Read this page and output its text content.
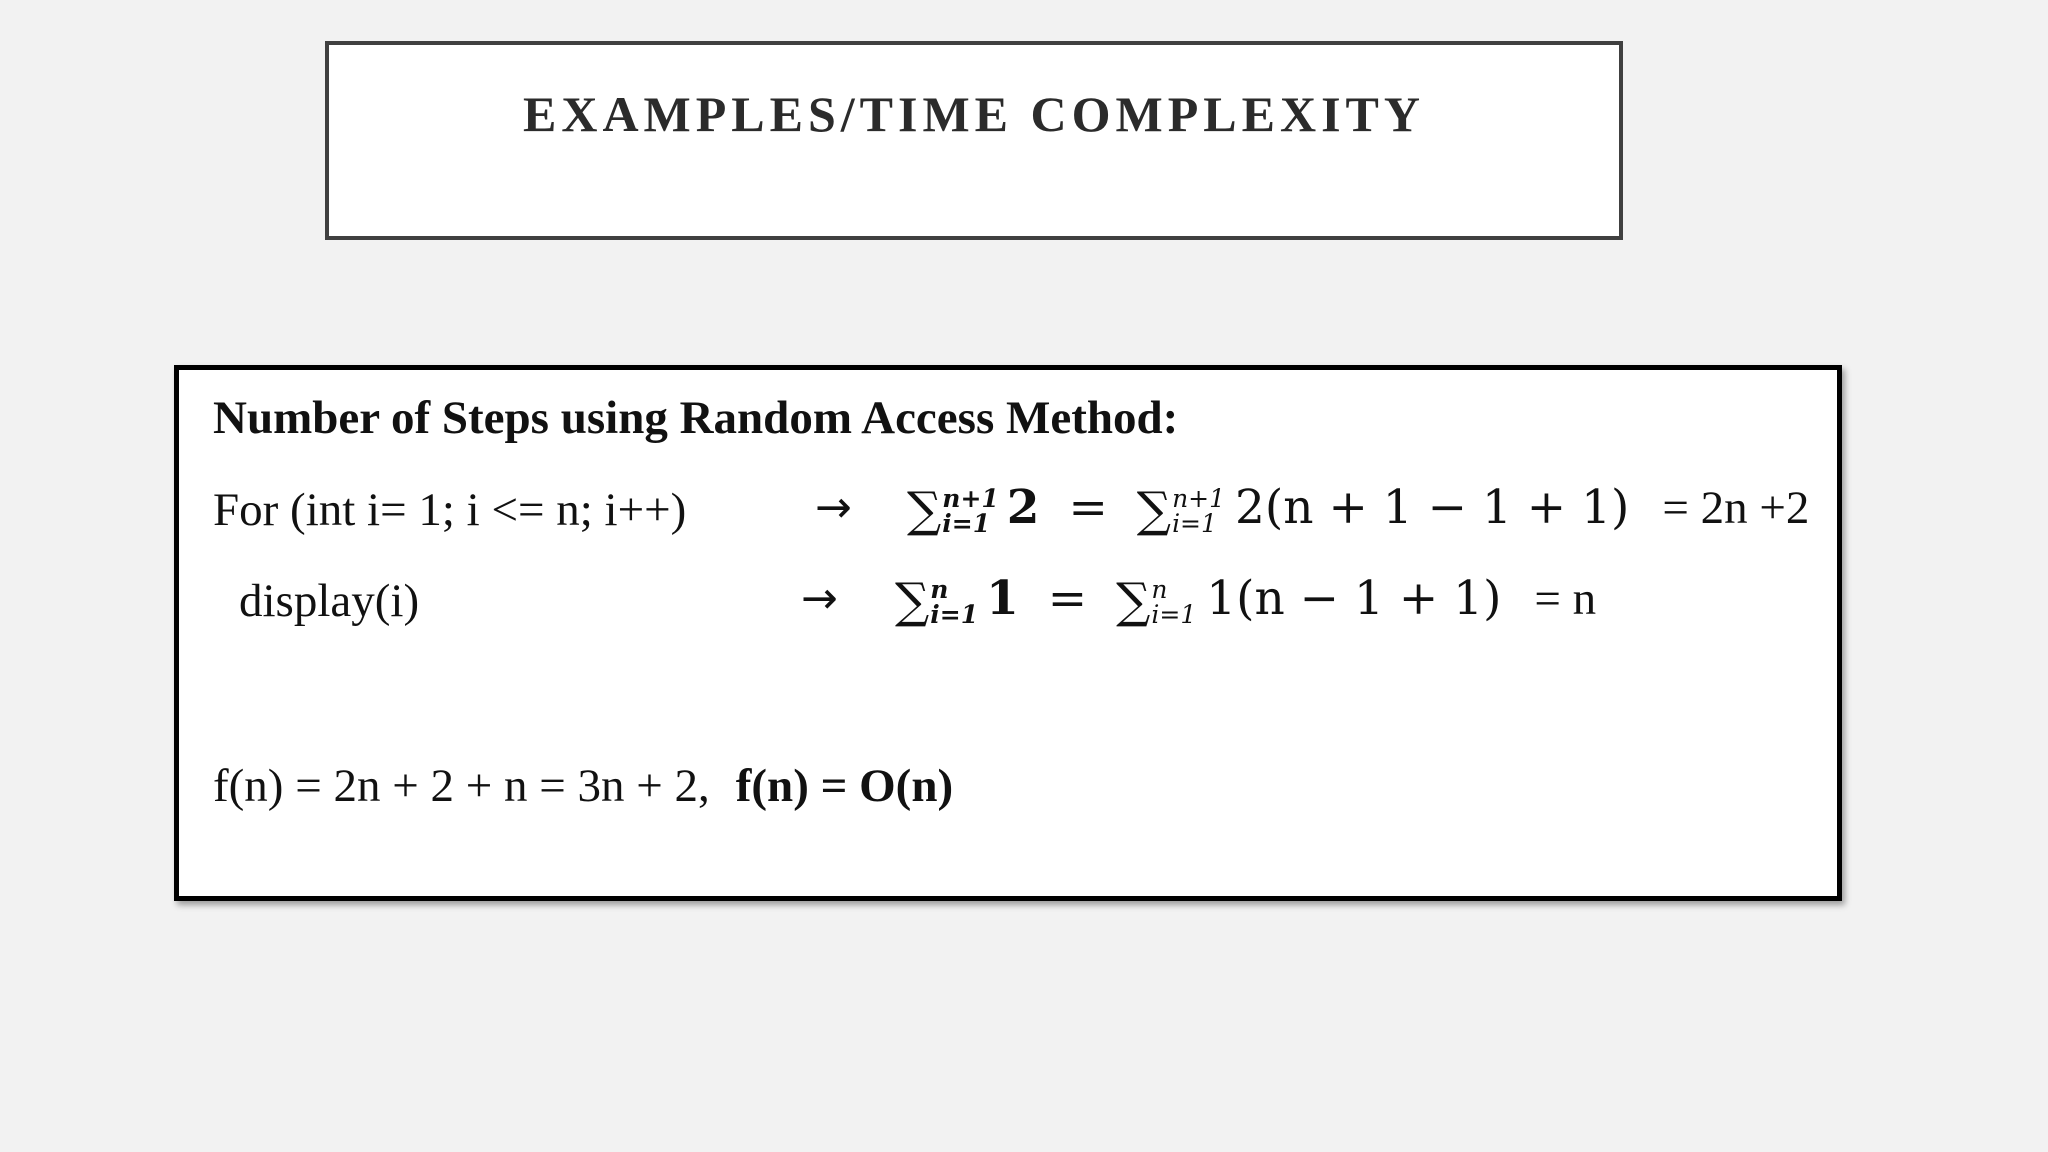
EXAMPLES/TIME COMPLEXITY
Number of Steps using Random Access Method:
For (int i= 1; i <= n; i++)	→ ∑ n+1
i=1 2 = ∑ n+1
i=1 2(n + 1 − 1 + 1) = 2n +2
display(i)	→ ∑ n
i=1 1 = ∑ n
i=1 1(n − 1 + 1) = n
f(n) = 2n + 2 + n = 3n + 2, f(n) = O(n)
